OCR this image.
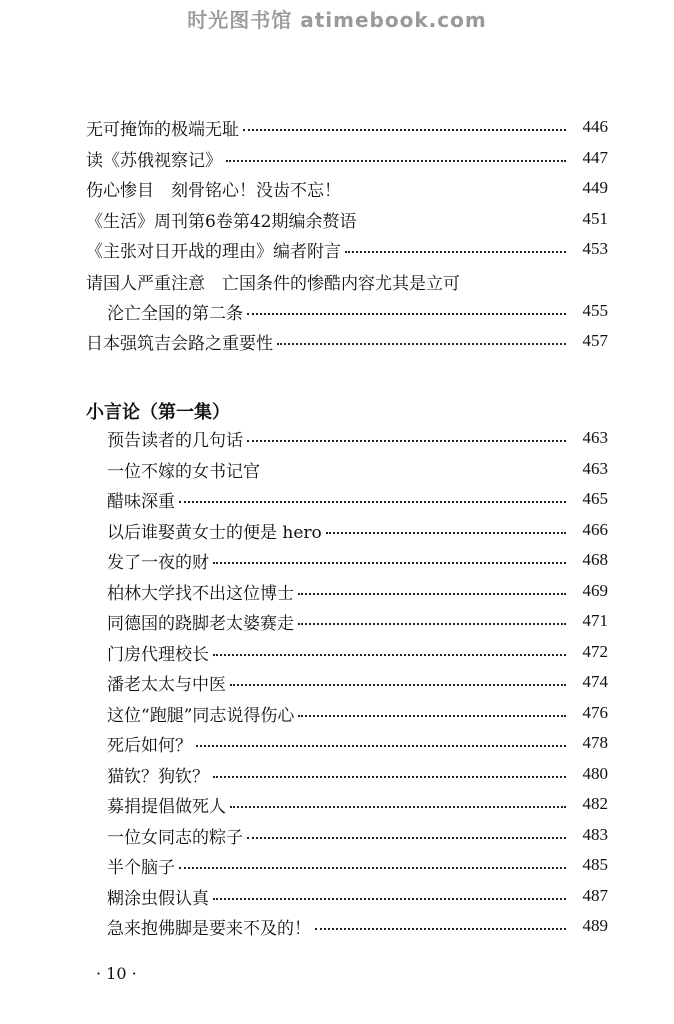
时光图书馆 atimebook.com
无可掩饰的极端无耻	446
读《苏俄视察记》	447
伤心惨目　刻骨铭心！没齿不忘！	449
《生活》周刊第6卷第42期编余赘语	451
《主张对日开战的理由》编者附言	453
请国人严重注意　亡国条件的惨酷内容尤其是立可
沦亡全国的第二条	455
日本强筑吉会路之重要性	457
小言论（第一集）
预告读者的几句话	463
一位不嫁的女书记官	463
醋味深重	465
以后谁娶黄女士的便是 hero	466
发了一夜的财	468
柏林大学找不出这位博士	469
同德国的跷脚老太婆赛走	471
门房代理校长	472
潘老太太与中医	474
这位“跑腿”同志说得伤心	476
死后如何？	478
猫钦？狗钦？	480
募捐提倡做死人	482
一位女同志的粽子	483
半个脑子	485
糊涂虫假认真	487
急来抱佛脚是要来不及的！	489
· 10 ·
